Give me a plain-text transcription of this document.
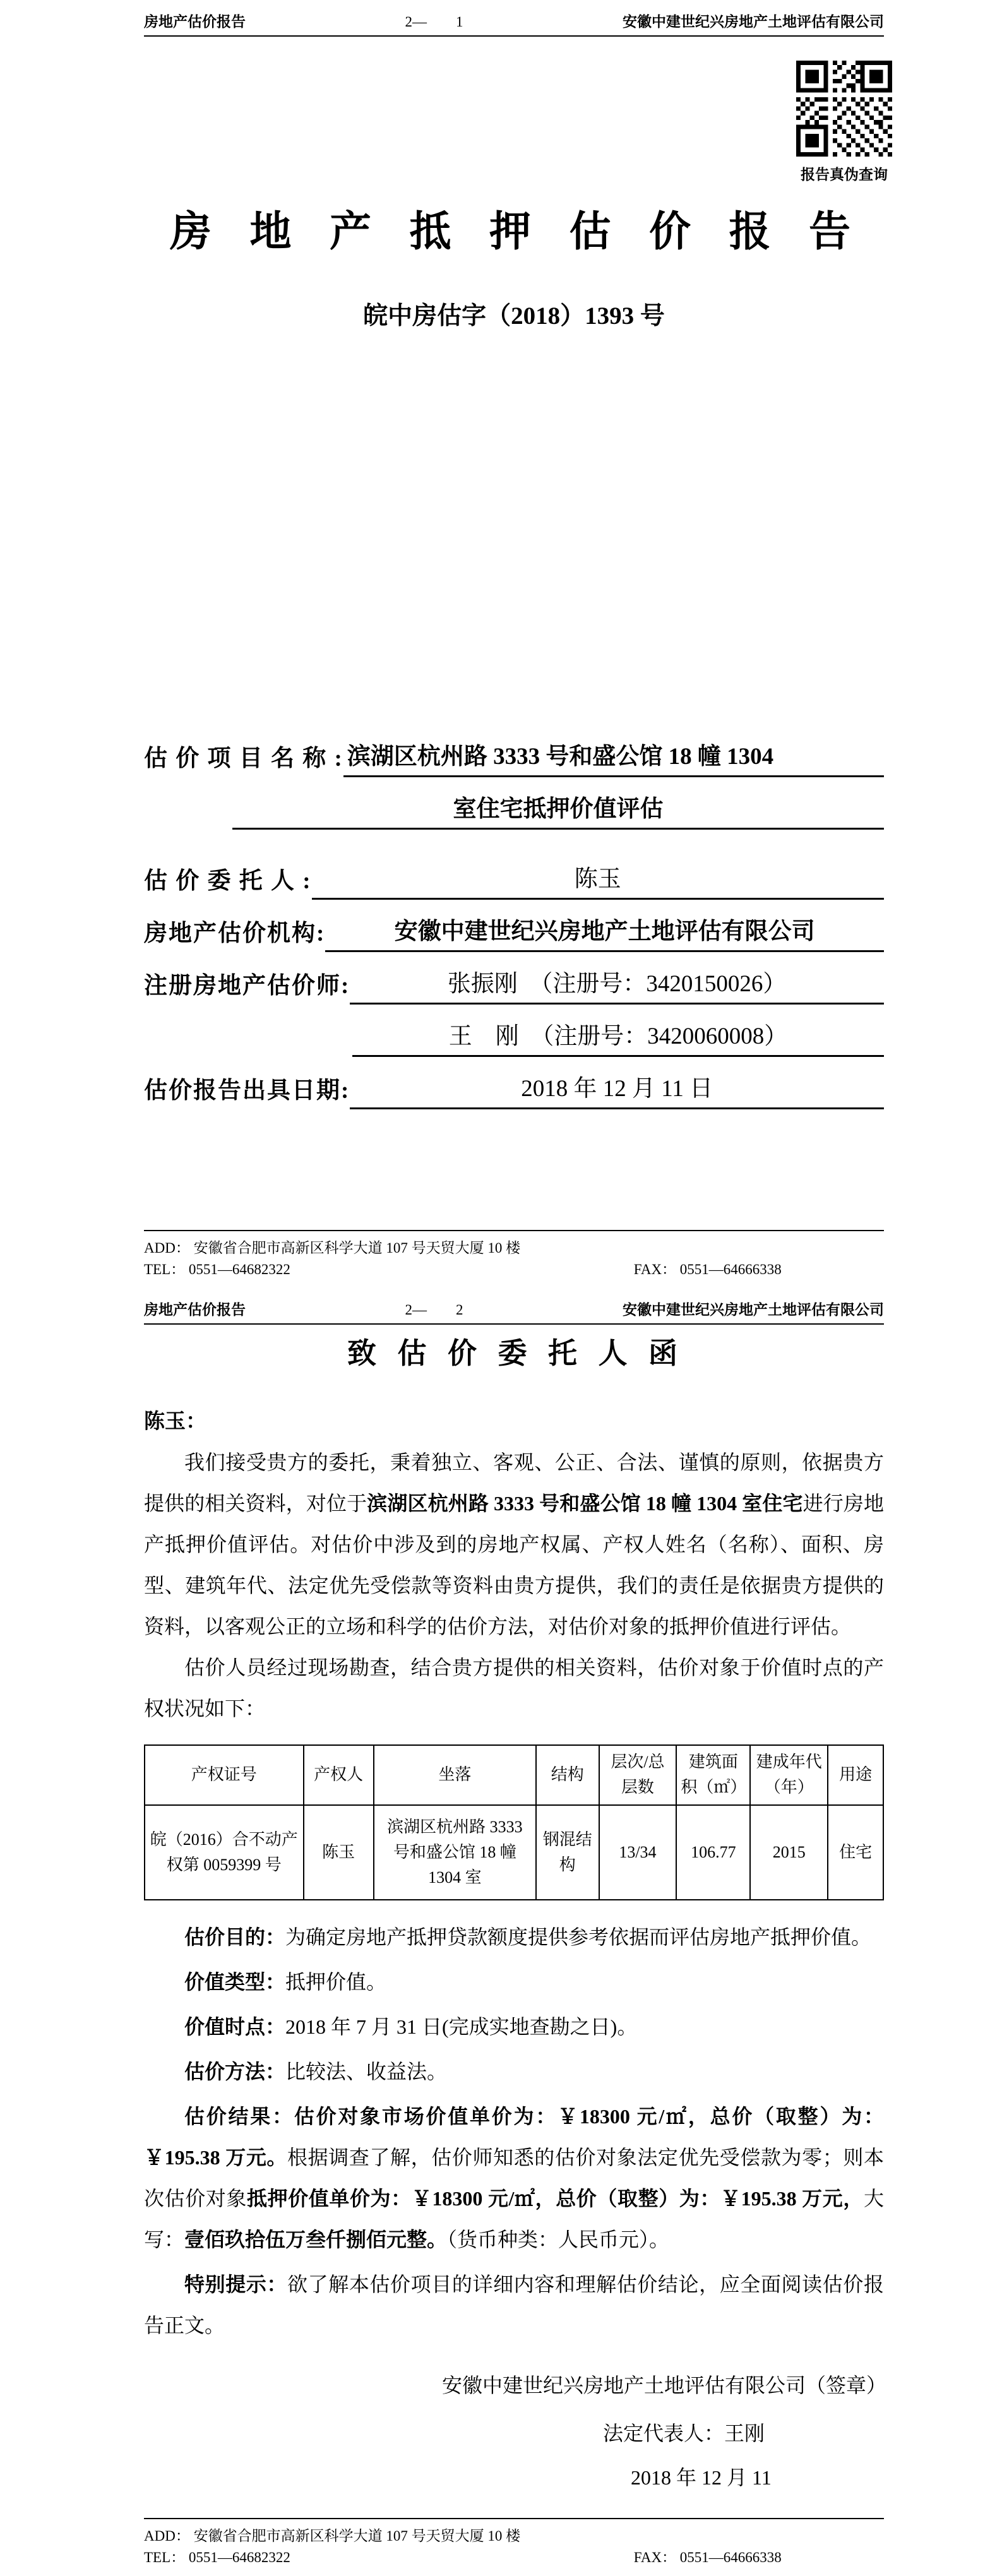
房地产估价报告	2—　　1	安徽中建世纪兴房地产土地评估有限公司
报告真伪查询
房 地 产 抵 押 估 价 报 告
皖中房估字（2018）1393 号
估 价 项 目 名 称 : 滨湖区杭州路 3333 号和盛公馆 18 幢 1304
室住宅抵押价值评估
估 价 委 托 人 :	陈玉
房地产估价机构:	安徽中建世纪兴房地产土地评估有限公司
注册房地产估价师:	张振刚　（注册号：3420150026）
王　刚　（注册号：3420060008）
估价报告出具日期:	2018 年 12 月 11 日
ADD： 安徽省合肥市高新区科学大道 107 号天贸大厦 10 楼
TEL： 0551—64682322	FAX： 0551—64666338
房地产估价报告	2—　　2	安徽中建世纪兴房地产土地评估有限公司
致 估 价 委 托 人 函
陈玉：

我们接受贵方的委托，秉着独立、客观、公正、合法、谨慎的原则，依据贵方提供的相关资料，对位于滨湖区杭州路 3333 号和盛公馆 18 幢 1304 室住宅进行房地产抵押价值评估。对估价中涉及到的房地产权属、产权人姓名（名称）、面积、房型、建筑年代、法定优先受偿款等资料由贵方提供，我们的责任是依据贵方提供的资料，以客观公正的立场和科学的估价方法，对估价对象的抵押价值进行评估。

估价人员经过现场勘查，结合贵方提供的相关资料，估价对象于价值时点的产权状况如下：

产权证号	产权人	坐落	结构	层次/总层数	建筑面积（㎡）	建成年代（年）	用途
皖（2016）合不动产权第 0059399 号	陈玉	滨湖区杭州路 3333 号和盛公馆 18 幢 1304 室	钢混结构	13/34	106.77	2015	住宅

估价目的：为确定房地产抵押贷款额度提供参考依据而评估房地产抵押价值。

价值类型：抵押价值。

价值时点：2018 年 7 月 31 日(完成实地查勘之日)。

估价方法：比较法、收益法。

估价结果：估价对象市场价值单价为：￥18300 元/㎡，总价（取整）为：￥195.38 万元。根据调查了解，估价师知悉的估价对象法定优先受偿款为零；则本次估价对象抵押价值单价为：￥18300 元/㎡，总价（取整）为：￥195.38 万元，大写：壹佰玖拾伍万叁仟捌佰元整。（货币种类：人民币元）。

特别提示：欲了解本估价项目的详细内容和理解估价结论，应全面阅读估价报告正文。

安徽中建世纪兴房地产土地评估有限公司（签章）
法定代表人：王刚
2018 年 12 月 11
ADD： 安徽省合肥市高新区科学大道 107 号天贸大厦 10 楼
TEL： 0551—64682322	FAX： 0551—64666338
